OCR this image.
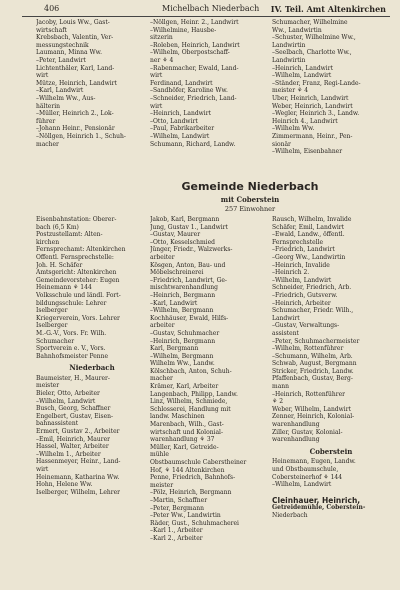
406	Michelbach Niederbach IV. Teil. Amt Altenkirchen
Jacoby, Louis Ww., Gast-
wirtschaft
Krebsbach, Valentin, Ver-
messungstechnik
Laumann, Minna Ww.
–Peter, Landwirt
Lichtenthäler, Karl, Land-
wirt
Mütze, Heinrich, Landwirt
–Karl, Landwirt
–Wilhelm Ww., Aus-
hälterin
–Müller, Heinrich 2., Lok-
führer
–Johann Heinr., Pensionär
–Nöllgen, Heinrich 1., Schuh-
macher
–Nöllgen, Heinr. 2., Landwirt
–Wilhelmine, Hausbe-
sitzerin
–Roleben, Heinrich, Landwirt
–Wilhelm, Oberpostschaff-
ner ⚘ 4
–Rabenmacher, Ewald, Land-
wirt
Ferdinand, Landwirt
–Sandhöfer, Karoline Ww.
–Schneider, Friedrich, Land-
wirt
–Heinrich, Landwirt
–Otto, Landwirt
–Paul, Fabrikarbeiter
–Wilhelm, Landwirt
Schumann, Richard, Landw.
Schumacher, Wilhelmine
Ww., Landwirtin
–Schuster, Wilhelmine Ww.,
Landwirtin
–Seelbach, Charlotte Ww.,
Landwirtin
–Heinrich, Landwirt
–Wilhelm, Landwirt
–Ständer, Franz, Regi-Lande-
meister ⚘ 4
Uber, Heinrich, Landwirt
Weber, Heinrich, Landwirt
–Wegler, Heinrich 3., Landw.
Heinrich 4., Landwirt
–Wilhelm Ww.
Zimmermann, Heinr., Pen-
sionär
–Wilhelm, Eisenbahner
Gemeinde Niederbach
mit Coberstein
257 Einwohner
Eisenbahnstation: Oberer-
bach (6,5 Km)
Postzustellamt: Alten-
kirchen
Fernsprechamt: Altenkirchen
Öffentl. Fernsprechstelle:
Joh. H. Schäfer
Amtsgericht: Altenkirchen
Gemeindevorsteher: Eugen
Heinemann ⚘ 144
Volksschule und ländl. Fort-
bildungsschule: Lehrer
Iselberger
Kriegerverein, Vors. Lehrer
Iselberger
M.-G.-V., Vors. Fr. Wilh.
Schumacher
Sportverein e. V., Vors.
Bahnhofsmeister Penne
Niederbach
Baumeister, H., Maurer-
meister
Bieler, Otto, Arbeiter
–Wilhelm, Landwirt
Busch, Georg, Schaffner
Engelbert, Gustav, Eisen-
bahnassistent
Ermert, Gustav 2., Arbeiter
–Emil, Heinrich, Maurer
Hassel, Walter, Arbeiter
–Wilhelm 1., Arbeiter
Hassenmeyer, Heinr., Land-
wirt
Heinemann, Katharina Ww.
Hohn, Helene Ww.
Iselberger, Wilhelm, Lehrer
Jakob, Karl, Bergmann
Jung, Gustav 1., Landwirt
–Gustav, Maurer
–Otto, Kesselschmied
Jünger, Friedr., Walzwerks-
arbeiter
Kösgen, Anton, Bau- und
Möbelschreinerei
–Friedrich, Landwirt, Ge-
mischtwarenhandlung
–Heinrich, Bergmann
–Karl, Landwirt
–Wilhelm, Bergmann
Kochhäuser, Ewald, Hilfs-
arbeiter
–Gustav, Schuhmacher
–Heinrich, Bergmann
Karl, Bergmann
–Wilhelm, Bergmann
Wilhelm Ww., Landw.
Kölschbach, Anton, Schuh-
macher
Krämer, Karl, Arbeiter
Langenbach, Philipp, Landw.
Linz, Wilhelm, Schmiede,
Schlosserei, Handlung mit
landw. Maschinen
Marenbach, Wilh., Gast-
wirtschaft und Kolonial-
warenhandlung ⚘ 37
Müller, Karl, Getreide-
mühle
Obstbaumschule Caberstheiner
Hof, ⚘ 144 Altenkirchen
Penne, Friedrich, Bahnhofs-
meister
–Pölz, Heinrich, Bergmann
–Martin, Schaffner
–Peter, Bergmann
–Peter Ww., Landwirtin
Räder, Gust., Schuhmacherei
–Karl 1., Arbeiter
–Karl 2., Arbeiter
Rausch, Wilhelm, Invalide
Schäfer, Emil, Landwirt
–Ewald, Landw., öffentl.
Fernsprechstelle
–Friedrich, Landwirt
–Georg Ww., Landwirtin
–Heinrich, Invalide
–Heinrich 2.
–Wilhelm, Landwirt
Schneider, Friedrich, Arb.
–Friedrich, Gutsverw.
–Heinrich, Arbeiter
Schumacher, Friedr. Wilh.,
Landwirt
–Gustav, Verwaltungs-
assistent
–Peter, Schuhmachermeister
–Wilhelm, Rottenführer
–Schumann, Wilhelm, Arb.
Schwab, August, Bergmann
Stricker, Friedrich, Landw.
Pfaffenbach, Gustav, Berg-
mann
–Heinrich, Rottenführer
⚘ 2
Weber, Wilhelm, Landwirt
Zenner, Heinrich, Kolonial-
warenhandlung
Ziller, Gustav, Kolonial-
warenhandlung
Coberstein
Heinemann, Eugen, Landw.
und Obstbaumschule,
Cobersteinerhof ⚘ 144
–Wilhelm, Landwirt
Cleinhauer, Heinrich,
Getreidemühle, Coberstein-
Niederbach
